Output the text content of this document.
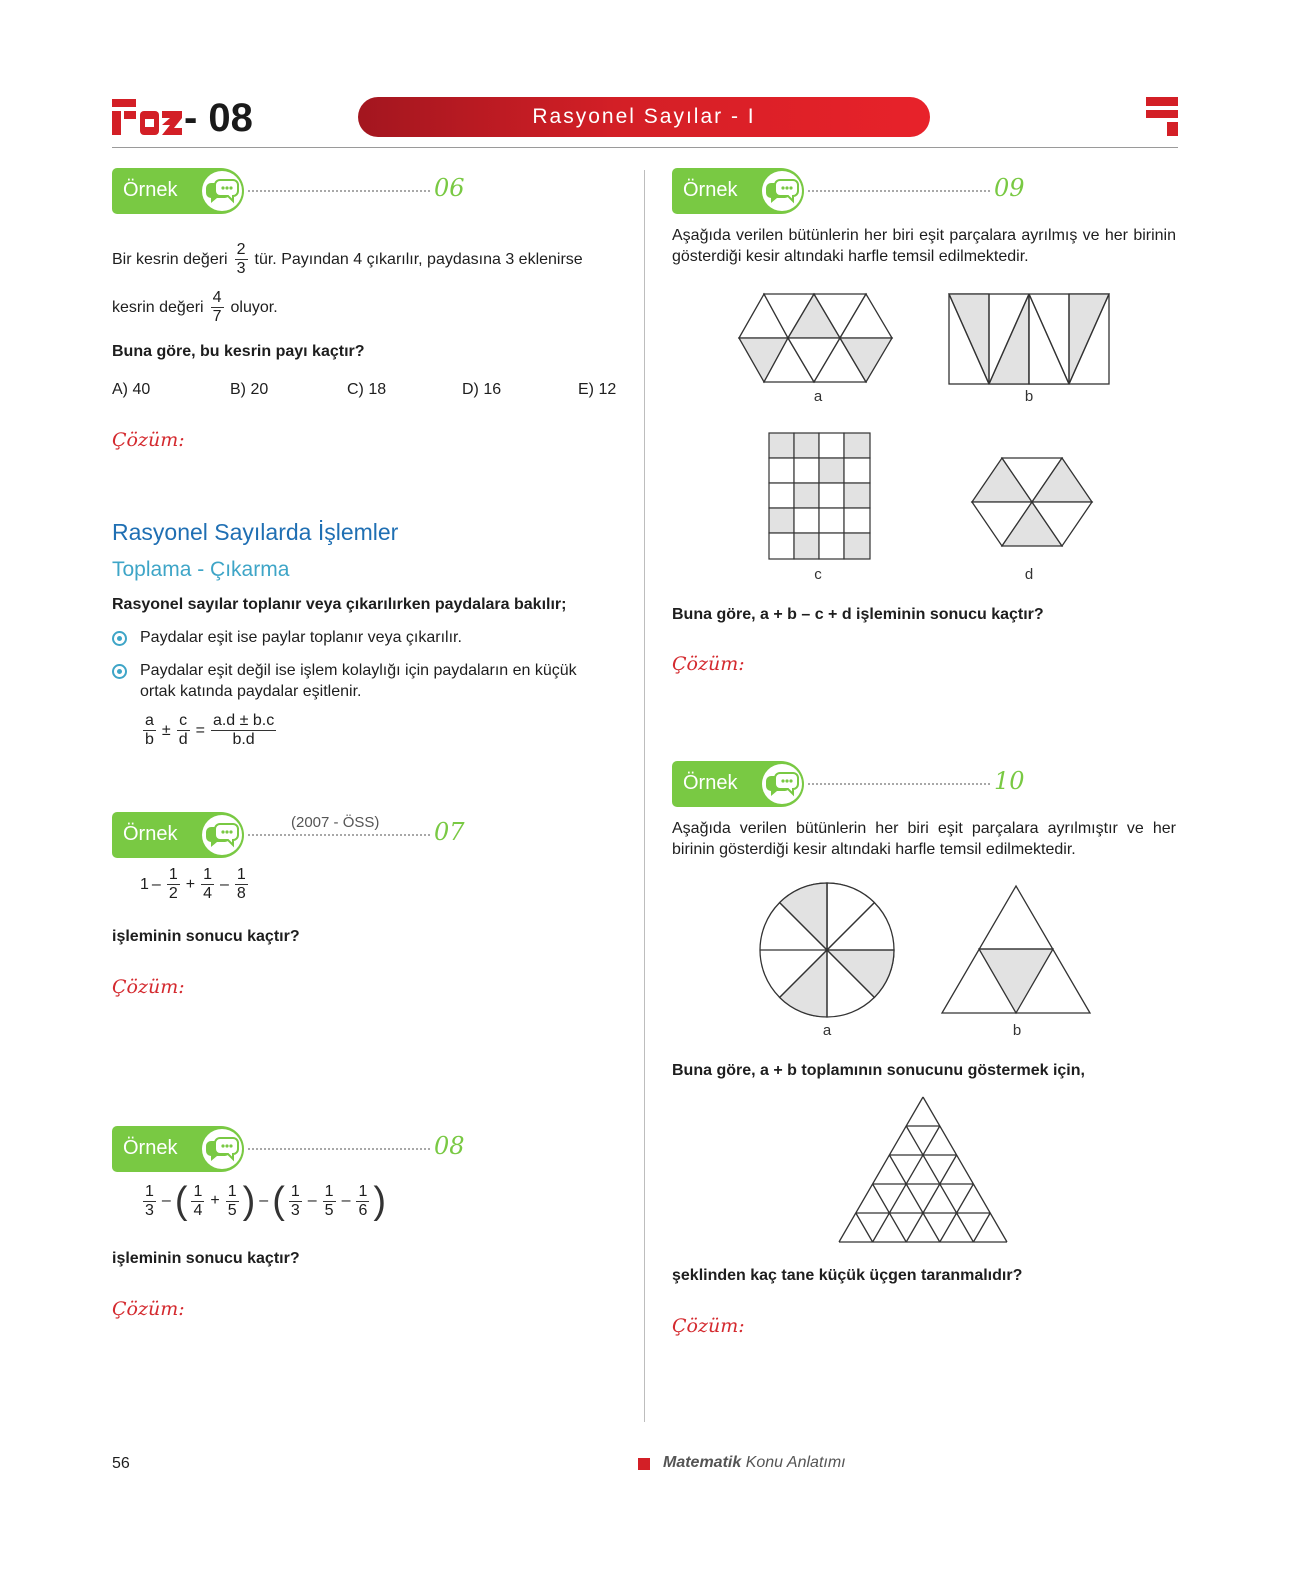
- 08	Rasyonel Sayılar - I
Örnek	06
Bir kesrin değeri $\frac{2}{3}$ tür. Payından 4 çıkarılır, paydasına 3 eklenirse
kesrin değeri $\frac{4}{7}$ oluyor.
Buna göre, bu kesrin payı kaçtır?
A) 40	B) 20	C) 18	D) 16	E) 12
Çözüm:
Rasyonel Sayılarda İşlemler
Toplama - Çıkarma
Rasyonel sayılar toplanır veya çıkarılırken paydalara bakılır;
Paydalar eşit ise paylar toplanır veya çıkarılır.
Paydalar eşit değil ise işlem kolaylığı için paydaların en küçük
ortak katında paydalar eşitlenir.
$\frac{a}{b} \pm \frac{c}{d} = \frac{a.d \pm b.c}{b.d}$
Örnek
(2007 - ÖSS) 07
$1 - \frac{1}{2} + \frac{1}{4} - \frac{1}{8}$
işleminin sonucu kaçtır?
Çözüm:
Örnek	08
$\frac{1}{3}$ – ( $\frac{1}{4} + \frac{1}{5}$ ) – ( $\frac{1}{3} - \frac{1}{5} - \frac{1}{6}$ )
işleminin sonucu kaçtır?
Çözüm:
Örnek	09
Aşağıda verilen bütünlerin her biri eşit parçalara ayrılmış ve her birinin gösterdiği kesir altındaki harfle temsil edilmektedir.
a	b
c	d
Buna göre, a + b – c + d işleminin sonucu kaçtır?
Çözüm:
Örnek	10
Aşağıda verilen bütünlerin her biri eşit parçalara ayrılmıştır ve her birinin gösterdiği kesir altındaki harfle temsil edilmektedir.
a	b
Buna göre, a + b toplamının sonucunu göstermek için,
şeklinden kaç tane küçük üçgen taranmalıdır?
Çözüm:
56	Matematik Konu Anlatımı
